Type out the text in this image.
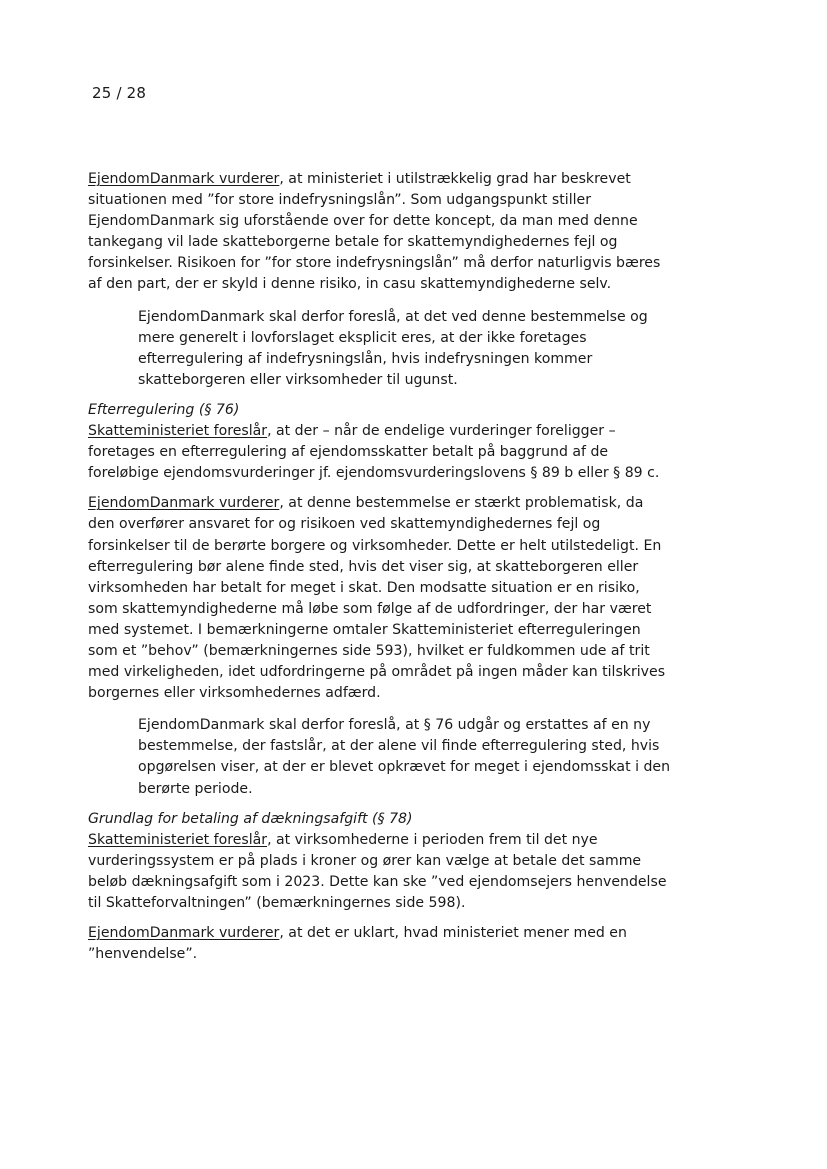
25 / 28

EjendomDanmark vurderer, at ministeriet i utilstrækkelig grad har beskrevet situationen med ”for store indefrysningslån”. Som udgangspunkt stiller EjendomDanmark sig uforstående over for dette koncept, da man med denne tankegang vil lade skatteborgerne betale for skattemyndighedernes fejl og forsinkelser. Risikoen for ”for store indefrysningslån” må derfor naturligvis bæres af den part, der er skyld i denne risiko, in casu skattemyndighederne selv.

EjendomDanmark skal derfor foreslå, at det ved denne bestemmelse og mere generelt i lovforslaget eksplicit eres, at der ikke foretages efterregulering af indefrysningslån, hvis indefrysningen kommer skatteborgeren eller virksomheder til ugunst.

Efterregulering (§ 76)

Skatteministeriet foreslår, at der – når de endelige vurderinger foreligger – foretages en efterregulering af ejendomsskatter betalt på baggrund af de foreløbige ejendomsvurderinger jf. ejendomsvurderingslovens § 89 b eller § 89 c.

EjendomDanmark vurderer, at denne bestemmelse er stærkt problematisk, da den overfører ansvaret for og risikoen ved skattemyndighedernes fejl og forsinkelser til de berørte borgere og virksomheder. Dette er helt utilstedeligt. En efterregulering bør alene finde sted, hvis det viser sig, at skatteborgeren eller virksomheden har betalt for meget i skat. Den modsatte situation er en risiko, som skattemyndighederne må løbe som følge af de udfordringer, der har været med systemet. I bemærkningerne omtaler Skatteministeriet efterreguleringen som et ”behov” (bemærkningernes side 593), hvilket er fuldkommen ude af trit med virkeligheden, idet udfordringerne på området på ingen måder kan tilskrives borgernes eller virksomhedernes adfærd.

EjendomDanmark skal derfor foreslå, at § 76 udgår og erstattes af en ny bestemmelse, der fastslår, at der alene vil finde efterregulering sted, hvis opgørelsen viser, at der er blevet opkrævet for meget i ejendomsskat i den berørte periode.

Grundlag for betaling af dækningsafgift (§ 78)

Skatteministeriet foreslår, at virksomhederne i perioden frem til det nye vurderingssystem er på plads i kroner og ører kan vælge at betale det samme beløb dækningsafgift som i 2023. Dette kan ske ”ved ejendomsejers henvendelse til Skatteforvaltningen” (bemærkningernes side 598).

EjendomDanmark vurderer, at det er uklart, hvad ministeriet mener med en ”henvendelse”.
